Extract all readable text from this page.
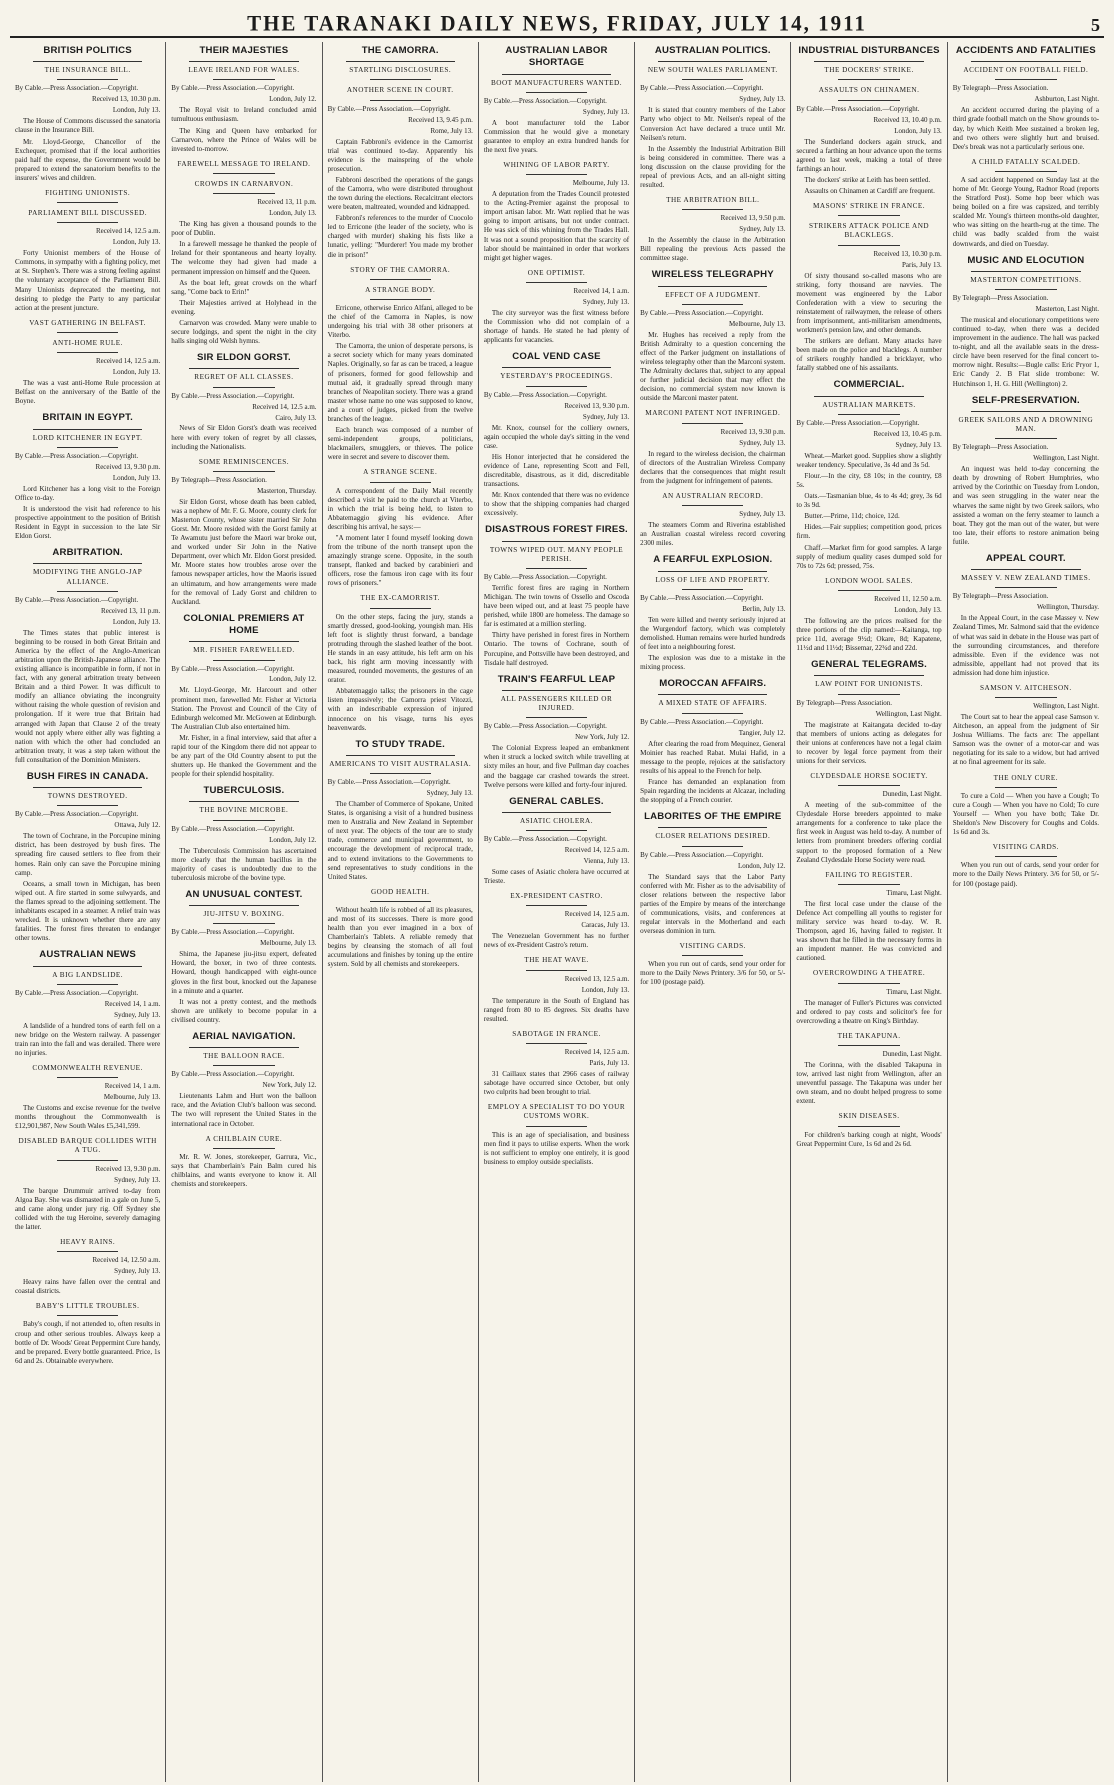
THE TARANAKI DAILY NEWS, FRIDAY, JULY 14, 1911	5
BRITISH POLITICS
THE INSURANCE BILL.
By Cable.—Press Association.—Copyright.
Received 13, 10.30 p.m.
London, July 13.

The House of Commons discussed the sanatoria clause in the Insurance Bill.

Mr. Lloyd-George, Chancellor of the Exchequer, promised that if the local authorities paid half the expense, the Government would be prepared to extend the sanatorium benefits to the insurers' wives and children.

FIGHTING UNIONISTS.
PARLIAMENT BILL DISCUSSED.
Received 14, 12.5 a.m.
London, July 13.

Forty Unionist members of the House of Commons, in sympathy with a fighting policy, met at St. Stephen's. There was a strong feeling against the voluntary acceptance of the Parliament Bill. Many Unionists deprecated the meeting, not desiring to pledge the Party to any particular action at the present juncture.

VAST GATHERING IN BELFAST.
ANTI-HOME RULE.
Received 14, 12.5 a.m.
London, July 13.

The was a vast anti-Home Rule procession at Belfast on the anniversary of the Battle of the Boyne.

BRITAIN IN EGYPT.
LORD KITCHENER IN EGYPT.
By Cable.—Press Association.—Copyright.
Received 13, 9.30 p.m.
London, July 13.

Lord Kitchener has a long visit to the Foreign Office to-day.

It is understood the visit had reference to his prospective appointment to the position of British Resident in Egypt in succession to the late Sir Eldon Gorst.

ARBITRATION.
MODIFYING THE ANGLO-JAP ALLIANCE.
By Cable.—Press Association.—Copyright.
Received 13, 11 p.m.
London, July 13.

The Times states that public interest is beginning to be roused in both Great Britain and America by the effect of the Anglo-American arbitration upon the British-Japanese alliance. The existing alliance is incompatible in form, if not in fact, with any general arbitration treaty between Britain and a third Power. It was difficult to modify an alliance obviating the incongruity without raising the whole question of revision and prolongation. If it were true that Britain had arranged with Japan that Clause 2 of the treaty would not apply where either ally was fighting a nation with which the other had concluded an arbitration treaty, it was a step taken without the full consultation of the Dominion Ministers.

BUSH FIRES IN CANADA.
TOWNS DESTROYED.
By Cable.—Press Association.—Copyright.
Ottawa, July 12.

The town of Cochrane, in the Porcupine mining district, has been destroyed by bush fires. The spreading fire caused settlers to flee from their homes. Rain only can save the Porcupine mining camp.

Oceans, a small town in Michigan, has been wiped out. A fire started in some sulwyards, and the flames spread to the adjoining settlement. The inhabitants escaped in a steamer. A relief train was wrecked. It is unknown whether there are any fatalities. The forest fires threaten to endanger other towns.

AUSTRALIAN NEWS
A BIG LANDSLIDE.
By Cable.—Press Association.—Copyright.
Received 14, 1 a.m.
Sydney, July 13.

A landslide of a hundred tons of earth fell on a new bridge on the Western railway. A passenger train ran into the fall and was derailed. There were no injuries.

COMMONWEALTH REVENUE.
Received 14, 1 a.m.
Melbourne, July 13.

The Customs and excise revenue for the twelve months throughout the Commonwealth is £12,901,987, New South Wales £5,341,599.

DISABLED BARQUE COLLIDES WITH A TUG.
Received 13, 9.30 p.m.
Sydney, July 13.

The barque Drummuir arrived to-day from Algoa Bay. She was dismasted in a gale on June 5, and came along under jury rig. Off Sydney she collided with the tug Heroine, severely damaging the latter.

HEAVY RAINS.
Received 14, 12.50 a.m.
Sydney, July 13.

Heavy rains have fallen over the central and coastal districts.

BABY'S LITTLE TROUBLES.

Baby's cough, if not attended to, often results in croup and other serious troubles. Always keep a bottle of Dr. Woods' Great Peppermint Cure handy, and be prepared. Every bottle guaranteed. Price, 1s 6d and 2s. Obtainable everywhere.

THEIR MAJESTIES
LEAVE IRELAND FOR WALES.
By Cable.—Press Association.—Copyright.
London, July 12.

The Royal visit to Ireland concluded amid tumultuous enthusiasm.

The King and Queen have embarked for Carnarvon, where the Prince of Wales will be invested to-morrow.

FAREWELL MESSAGE TO IRELAND.
CROWDS IN CARNARVON.
Received 13, 11 p.m.
London, July 13.

The King has given a thousand pounds to the poor of Dublin.

In a farewell message he thanked the people of Ireland for their spontaneous and hearty loyalty. The welcome they had given had made a permanent impression on himself and the Queen.

As the boat left, great crowds on the wharf sang, "Come back to Erin!"

Their Majesties arrived at Holyhead in the evening.

Carnarvon was crowded. Many were unable to secure lodgings, and spent the night in the city halls singing old Welsh hymns.

SIR ELDON GORST.
REGRET OF ALL CLASSES.
By Cable.—Press Association.—Copyright.
Received 14, 12.5 a.m.
Cairo, July 13.

News of Sir Eldon Gorst's death was received here with every token of regret by all classes, including the Nationalists.

SOME REMINISCENCES.
By Telegraph—Press Association.
Masterton, Thursday.

Sir Eldon Gorst, whose death has been cabled, was a nephew of Mr. F. G. Moore, county clerk for Masterton County, whose sister married Sir John Gorst. Mr. Moore resided with the Gorst family at Te Awamutu just before the Maori war broke out, and worked under Sir John in the Native Department, over which Mr. Eldon Gorst presided. Mr. Moore states how troubles arose over the famous newspaper articles, how the Maoris issued an ultimatum, and how arrangements were made for the removal of Lady Gorst and children to Auckland.

COLONIAL PREMIERS AT HOME
MR. FISHER FAREWELLED.
By Cable.—Press Association.—Copyright.
London, July 12.

Mr. Lloyd-George, Mr. Harcourt and other prominent men, farewelled Mr. Fisher at Victoria Station. The Provost and Council of the City of Edinburgh welcomed Mr. McGowen at Edinburgh. The Australian Club also entertained him.

Mr. Fisher, in a final interview, said that after a rapid tour of the Kingdom there did not appear to be any part of the Old Country absent to put the shutters up. He thanked the Government and the people for their splendid hospitality.

TUBERCULOSIS.
THE BOVINE MICROBE.
By Cable.—Press Association.—Copyright.
London, July 12.

The Tuberculosis Commission has ascertained more clearly that the human bacillus in the majority of cases is undoubtedly due to the tuberculosis microbe of the bovine type.

AN UNUSUAL CONTEST.
JIU-JITSU V. BOXING.
By Cable.—Press Association.—Copyright.
Melbourne, July 13.

Shima, the Japanese jiu-jitsu expert, defeated Howard, the boxer, in two of three contests. Howard, though handicapped with eight-ounce gloves in the first bout, knocked out the Japanese in a minute and a quarter.

It was not a pretty contest, and the methods shown are unlikely to become popular in a civilised country.

AERIAL NAVIGATION.
THE BALLOON RACE.
By Cable.—Press Association.—Copyright.
New York, July 12.

Lieutenants Lahm and Hurt won the balloon race, and the Aviation Club's balloon was second. The two will represent the United States in the international race in October.

A CHILBLAIN CURE.

Mr. R. W. Jones, storekeeper, Garrura, Vic., says that Chamberlain's Pain Balm cured his chilblains, and wants everyone to know it. All chemists and storekeepers.

THE CAMORRA.
STARTLING DISCLOSURES.
ANOTHER SCENE IN COURT.
By Cable.—Press Association.—Copyright.
Received 13, 9.45 p.m.
Rome, July 13.

Captain Fabbroni's evidence in the Camorrist trial was continued to-day. Apparently his evidence is the mainspring of the whole prosecution.

Fabbroni described the operations of the gangs of the Camorra, who were distributed throughout the town during the elections. Recalcitrant electors were beaten, maltreated, wounded and kidnapped.

Fabbroni's references to the murder of Cuocolo led to Erricone (the leader of the society, who is charged with murder) shaking his fists like a lunatic, yelling: "Murderer! You made my brother die in prison!"

STORY OF THE CAMORRA.
A STRANGE BODY.

Erricone, otherwise Enrico Alfani, alleged to be the chief of the Camorra in Naples, is now undergoing his trial with 38 other prisoners at Viterbo.

The Camorra, the union of desperate persons, is a secret society which for many years dominated Naples. Originally, so far as can be traced, a league of prisoners, formed for good fellowship and mutual aid, it gradually spread through many branches of Neapolitan society. There was a grand master whose name no one was supposed to know, and a court of judges, picked from the twelve branches of the league.

Each branch was composed of a number of semi-independent groups, politicians, blackmailers, smugglers, or thieves. The police were in secret and severe to discover them.

A STRANGE SCENE.

A correspondent of the Daily Mail recently described a visit he paid to the church at Viterbo, in which the trial is being held, to listen to Abbatemaggio giving his evidence. After describing his arrival, he says:—

"A moment later I found myself looking down from the tribune of the north transept upon the amazingly strange scene. Opposite, in the south transept, flanked and backed by carabinieri and officers, rose the famous iron cage with its four rows of prisoners."

THE EX-CAMORRIST.

On the other steps, facing the jury, stands a smartly dressed, good-looking, youngish man. His left foot is slightly thrust forward, a bandage protruding through the slashed leather of the boot. He stands in an easy attitude, his left arm on his back, his right arm moving incessantly with measured, rounded movements, the gestures of an orator.

Abbatemaggio talks; the prisoners in the cage listen impassively; the Camorra priest Vitozzi, with an indescribable expression of injured innocence on his visage, turns his eyes heavenwards.

TO STUDY TRADE.
AMERICANS TO VISIT AUSTRALASIA.
By Cable.—Press Association.—Copyright.
Sydney, July 13.

The Chamber of Commerce of Spokane, United States, is organising a visit of a hundred business men to Australia and New Zealand in September of next year. The objects of the tour are to study trade, commerce and municipal government, to encourage the development of reciprocal trade, and to extend invitations to the Governments to send representatives to study conditions in the United States.

GOOD HEALTH.

Without health life is robbed of all its pleasures, and most of its successes. There is more good health than you ever imagined in a box of Chamberlain's Tablets. A reliable remedy that begins by cleansing the stomach of all foul accumulations and finishes by toning up the entire system. Sold by all chemists and storekeepers.

AUSTRALIAN LABOR SHORTAGE
BOOT MANUFACTURERS WANTED.
By Cable.—Press Association.—Copyright.
Sydney, July 13.

A boot manufacturer told the Labor Commission that he would give a monetary guarantee to employ an extra hundred hands for the next five years.

WHINING OF LABOR PARTY.
Melbourne, July 13.

A deputation from the Trades Council protested to the Acting-Premier against the proposal to import artisan labor. Mr. Watt replied that he was going to import artisans, but not under contract. He was sick of this whining from the Trades Hall. It was not a sound proposition that the scarcity of labor should be maintained in order that workers might get higher wages.

ONE OPTIMIST.
Received 14, 1 a.m.
Sydney, July 13.

The city surveyor was the first witness before the Commission who did not complain of a shortage of hands. He stated he had plenty of applicants for vacancies.

COAL VEND CASE
YESTERDAY'S PROCEEDINGS.
By Cable.—Press Association.—Copyright.
Received 13, 9.30 p.m.
Sydney, July 13.

Mr. Knox, counsel for the colliery owners, again occupied the whole day's sitting in the vend case.

His Honor interjected that he considered the evidence of Lane, representing Scott and Fell, discreditable, disastrous, as it did, discreditable transactions.

Mr. Knox contended that there was no evidence to show that the shipping companies had charged excessively.

DISASTROUS FOREST FIRES.
TOWNS WIPED OUT. MANY PEOPLE PERISH.
By Cable.—Press Association.—Copyright.

Terrific forest fires are raging in Northern Michigan. The twin towns of Ossello and Oscoda have been wiped out, and at least 75 people have perished, while 1800 are homeless. The damage so far is estimated at a million sterling.

Thirty have perished in forest fires in Northern Ontario. The towns of Cochrane, south of Porcupine, and Pottsville have been destroyed, and Tisdale half destroyed.

TRAIN'S FEARFUL LEAP
ALL PASSENGERS KILLED OR INJURED.
By Cable.—Press Association.—Copyright.
New York, July 12.

The Colonial Express leaped an embankment when it struck a locked switch while travelling at sixty miles an hour, and five Pullman day coaches and the baggage car crashed towards the street. Twelve persons were killed and forty-four injured.

GENERAL CABLES.
ASIATIC CHOLERA.
By Cable.—Press Association.—Copyright.
Received 14, 12.5 a.m.
Vienna, July 13.

Some cases of Asiatic cholera have occurred at Trieste.

EX-PRESIDENT CASTRO.
Received 14, 12.5 a.m.
Caracas, July 13.

The Venezuelan Government has no further news of ex-President Castro's return.

THE HEAT WAVE.
Received 13, 12.5 a.m.
London, July 13.

The temperature in the South of England has ranged from 80 to 85 degrees. Six deaths have resulted.

SABOTAGE IN FRANCE.
Received 14, 12.5 a.m.
Paris, July 13.

31 Caillaux states that 2966 cases of railway sabotage have occurred since October, but only two culprits had been brought to trial.

EMPLOY A SPECIALIST TO DO YOUR CUSTOMS WORK.

This is an age of specialisation, and business men find it pays to utilise experts. When the work is not sufficient to employ one entirely, it is good business to employ outside specialists.

AUSTRALIAN POLITICS.
NEW SOUTH WALES PARLIAMENT.
By Cable.—Press Association.—Copyright.
Sydney, July 13.

It is stated that country members of the Labor Party who object to Mr. Neilsen's repeal of the Conversion Act have declared a truce until Mr. Neilsen's return.

In the Assembly the Industrial Arbitration Bill is being considered in committee. There was a long discussion on the clause providing for the repeal of previous Acts, and an all-night sitting resulted.

THE ARBITRATION BILL.
Received 13, 9.50 p.m.
Sydney, July 13.

In the Assembly the clause in the Arbitration Bill repealing the previous Acts passed the committee stage.

WIRELESS TELEGRAPHY
EFFECT OF A JUDGMENT.
By Cable.—Press Association.—Copyright.
Melbourne, July 13.

Mr. Hughes has received a reply from the British Admiralty to a question concerning the effect of the Parker judgment on installations of wireless telegraphy other than the Marconi system. The Admiralty declares that, subject to any appeal or further judicial decision that may effect the decision, no commercial system now known is outside the Marconi master patent.

MARCONI PATENT NOT INFRINGED.
Received 13, 9.30 p.m.
Sydney, July 13.

In regard to the wireless decision, the chairman of directors of the Australian Wireless Company declares that the consequences that might result from the judgment for infringement of patents.

AN AUSTRALIAN RECORD.
Sydney, July 13.

The steamers Comm and Riverina established an Australian coastal wireless record covering 2300 miles.

A FEARFUL EXPLOSION.
LOSS OF LIFE AND PROPERTY.
By Cable.—Press Association.—Copyright.
Berlin, July 13.

Ten were killed and twenty seriously injured at the Wurgendorf factory, which was completely demolished. Human remains were hurled hundreds of feet into a neighbouring forest.

The explosion was due to a mistake in the mixing process.

MOROCCAN AFFAIRS.
A MIXED STATE OF AFFAIRS.
By Cable.—Press Association.—Copyright.
Tangier, July 12.

After clearing the road from Mequinez, General Moinier has reached Rabat. Mulai Hafid, in a message to the people, rejoices at the satisfactory results of his appeal to the French for help.

France has demanded an explanation from Spain regarding the incidents at Alcazar, including the stopping of a French courier.

LABORITES OF THE EMPIRE
CLOSER RELATIONS DESIRED.
By Cable.—Press Association.—Copyright.
London, July 12.

The Standard says that the Labor Party conferred with Mr. Fisher as to the advisability of closer relations between the respective labor parties of the Empire by means of the interchange of communications, visits, and conferences at regular intervals in the Motherland and each overseas dominion in turn.

VISITING CARDS.

When you run out of cards, send your order for more to the Daily News Printery. 3/6 for 50, or 5/- for 100 (postage paid).

INDUSTRIAL DISTURBANCES
THE DOCKERS' STRIKE.
ASSAULTS ON CHINAMEN.
By Cable.—Press Association.—Copyright.
Received 13, 10.40 p.m.
London, July 13.

The Sunderland dockers again struck, and secured a farthing an hour advance upon the terms agreed to last week, making a total of three farthings an hour.

The dockers' strike at Leith has been settled.

Assaults on Chinamen at Cardiff are frequent.

MASONS' STRIKE IN FRANCE.
STRIKERS ATTACK POLICE AND BLACKLEGS.
Received 13, 10.30 p.m.
Paris, July 13.

Of sixty thousand so-called masons who are striking, forty thousand are navvies. The movement was engineered by the Labor Confederation with a view to securing the reinstatement of railwaymen, the release of others from imprisonment, anti-militarism amendments, workmen's pension law, and other demands.

The strikers are defiant. Many attacks have been made on the police and blacklegs. A number of strikers roughly handled a bricklayer, who fatally stabbed one of his assailants.

COMMERCIAL.
AUSTRALIAN MARKETS.
By Cable.—Press Association.—Copyright.
Received 13, 10.45 p.m.
Sydney, July 13.

Wheat.—Market good. Supplies show a slightly weaker tendency. Speculative, 3s 4d and 3s 5d.

Flour.—In the city, £8 10s; in the country, £8 5s.

Oats.—Tasmanian blue, 4s to 4s 4d; grey, 3s 6d to 3s 9d.

Butter.—Prime, 11d; choice, 12d.

Hides.—Fair supplies; competition good, prices firm.

Chaff.—Market firm for good samples. A large supply of medium quality cases dumped sold for 70s to 72s 6d; pressed, 75s.

LONDON WOOL SALES.
Received 11, 12.50 a.m.
London, July 13.

The following are the prices realised for the three portions of the clip named:—Kaitanga, top price 11d, average 9½d; Okare, 8d; Kapatene, 11½d and 11½d; Bissemar, 22¾d and 22d.

GENERAL TELEGRAMS.
LAW POINT FOR UNIONISTS.
By Telegraph—Press Association.
Wellington, Last Night.

The magistrate at Kaitangata decided to-day that members of unions acting as delegates for their unions at conferences have not a legal claim to recover by legal force payment from their unions for their services.

CLYDESDALE HORSE SOCIETY.
Dunedin, Last Night.

A meeting of the sub-committee of the Clydesdale Horse breeders appointed to make arrangements for a conference to take place the first week in August was held to-day. A number of letters from prominent breeders offering cordial support to the proposed formation of a New Zealand Clydesdale Horse Society were read.

FAILING TO REGISTER.
Timaru, Last Night.

The first local case under the clause of the Defence Act compelling all youths to register for military service was heard to-day. W. R. Thompson, aged 16, having failed to register. It was shown that he filled in the necessary forms in an impudent manner. He was convicted and cautioned.

OVERCROWDING A THEATRE.
Timaru, Last Night.

The manager of Fuller's Pictures was convicted and ordered to pay costs and solicitor's fee for overcrowding a theatre on King's Birthday.

THE TAKAPUNA.
Dunedin, Last Night.

The Corinna, with the disabled Takapuna in tow, arrived last night from Wellington, after an uneventful passage. The Takapuna was under her own steam, and no doubt helped progress to some extent.

SKIN DISEASES.

For children's barking cough at night, Woods' Great Peppermint Cure, 1s 6d and 2s 6d.

ACCIDENTS AND FATALITIES
ACCIDENT ON FOOTBALL FIELD.
By Telegraph—Press Association.
Ashburton, Last Night.

An accident occurred during the playing of a third grade football match on the Show grounds to-day, by which Keith Mee sustained a broken leg, and two others were slightly hurt and bruised. Dee's break was not a particularly serious one.

A CHILD FATALLY SCALDED.

A sad accident happened on Sunday last at the home of Mr. George Young, Radnor Road (reports the Stratford Post). Some hop beer which was being boiled on a fire was capsized, and terribly scalded Mr. Young's thirteen months-old daughter, who was sitting on the hearth-rug at the time. The child was badly scalded from the waist downwards, and died on Tuesday.

MUSIC AND ELOCUTION
MASTERTON COMPETITIONS.
By Telegraph—Press Association.
Masterton, Last Night.

The musical and elocutionary competitions were continued to-day, when there was a decided improvement in the audience. The hall was packed to-night, and all the available seats in the dress-circle have been reserved for the final concert to-morrow night. Results:—Bugle calls: Eric Pryor 1, Eric Candy 2. B Flat slide trombone: W. Hutchinson 1, H. G. Hill (Wellington) 2.

SELF-PRESERVATION.
GREEK SAILORS AND A DROWNING MAN.
By Telegraph—Press Association.
Wellington, Last Night.

An inquest was held to-day concerning the death by drowning of Robert Humphries, who arrived by the Corinthic on Tuesday from London, and was seen struggling in the water near the wharves the same night by two Greek sailors, who assisted a woman on the ferry steamer to launch a boat. They got the man out of the water, but were too late, their efforts to restore animation being futile.

APPEAL COURT.
MASSEY V. NEW ZEALAND TIMES.
By Telegraph—Press Association.
Wellington, Thursday.

In the Appeal Court, in the case Massey v. New Zealand Times, Mr. Salmond said that the evidence of what was said in debate in the House was part of the surrounding circumstances, and therefore admissible. Even if the evidence was not admissible, appellant had not proved that its admission had done him injustice.

SAMSON V. AITCHESON.
Wellington, Last Night.

The Court sat to hear the appeal case Samson v. Aitcheson, an appeal from the judgment of Sir Joshua Williams. The facts are: The appellant Samson was the owner of a motor-car and was negotiating for its sale to a widow, but had arrived at no final agreement for its sale.

THE ONLY CURE.

To cure a Cold — When you have a Cough; To cure a Cough — When you have no Cold; To cure Yourself — When you have both; Take Dr. Sheldon's New Discovery for Coughs and Colds. 1s 6d and 3s.

VISITING CARDS.

When you run out of cards, send your order for more to the Daily News Printery. 3/6 for 50, or 5/- for 100 (postage paid).
